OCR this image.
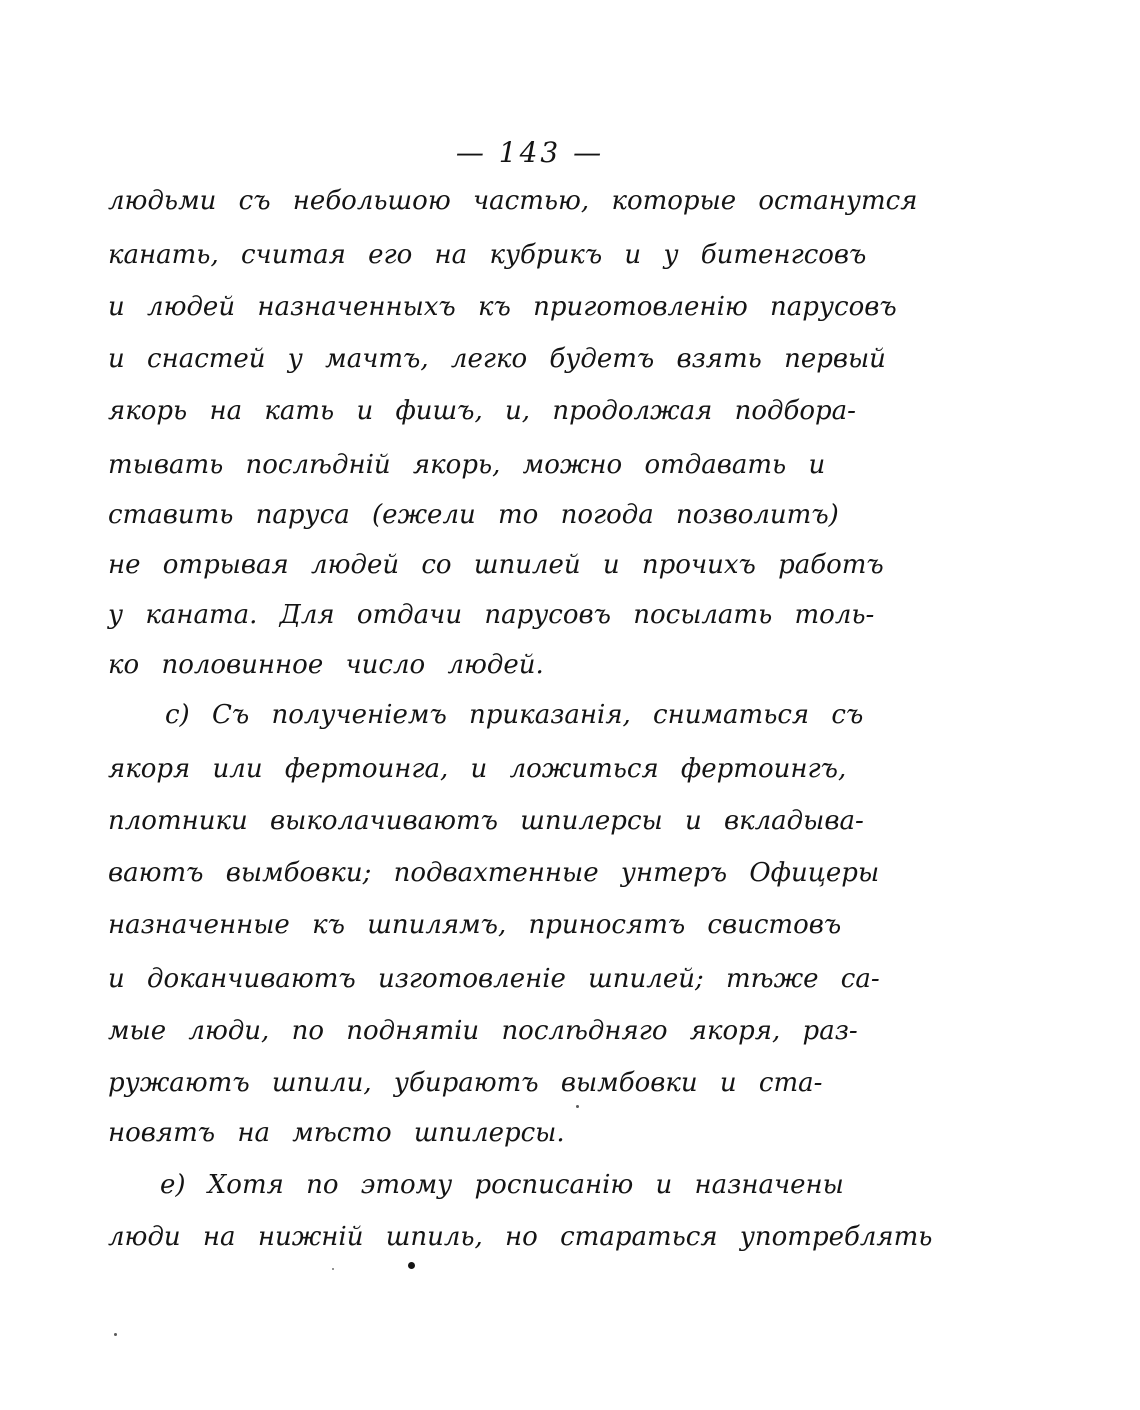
— 143 —
людьми съ небольшою частью, которые останутся
канать, считая его на кубрикъ и у битенгсовъ
и людей назначенныхъ къ приготовленію парусовъ
и снастей у мачтъ, легко будетъ взять первый
якорь на кать и фишъ, и, продолжая подбора-
тывать послѣдній якорь, можно отдавать и
ставить паруса (ежели то погода позволитъ)
не отрывая людей со шпилей и прочихъ работъ
у каната. Для отдачи парусовъ посылать толь-
ко половинное число людей.
с) Съ полученіемъ приказанія, сниматься съ
якоря или фертоинга, и ложиться фертоингъ,
плотники выколачиваютъ шпилерсы и вкладыва-
ваютъ вымбовки; подвахтенные унтеръ Офицеры
назначенные къ шпилямъ, приносятъ свистовъ
и доканчиваютъ изготовленіе шпилей; тѣже са-
мые люди, по поднятіи послѣдняго якоря, раз-
ружаютъ шпили, убираютъ вымбовки и ста-
новятъ на мѣсто шпилерсы.
е) Хотя по этому росписанію и назначены
люди на нижній шпиль, но стараться употреблять
